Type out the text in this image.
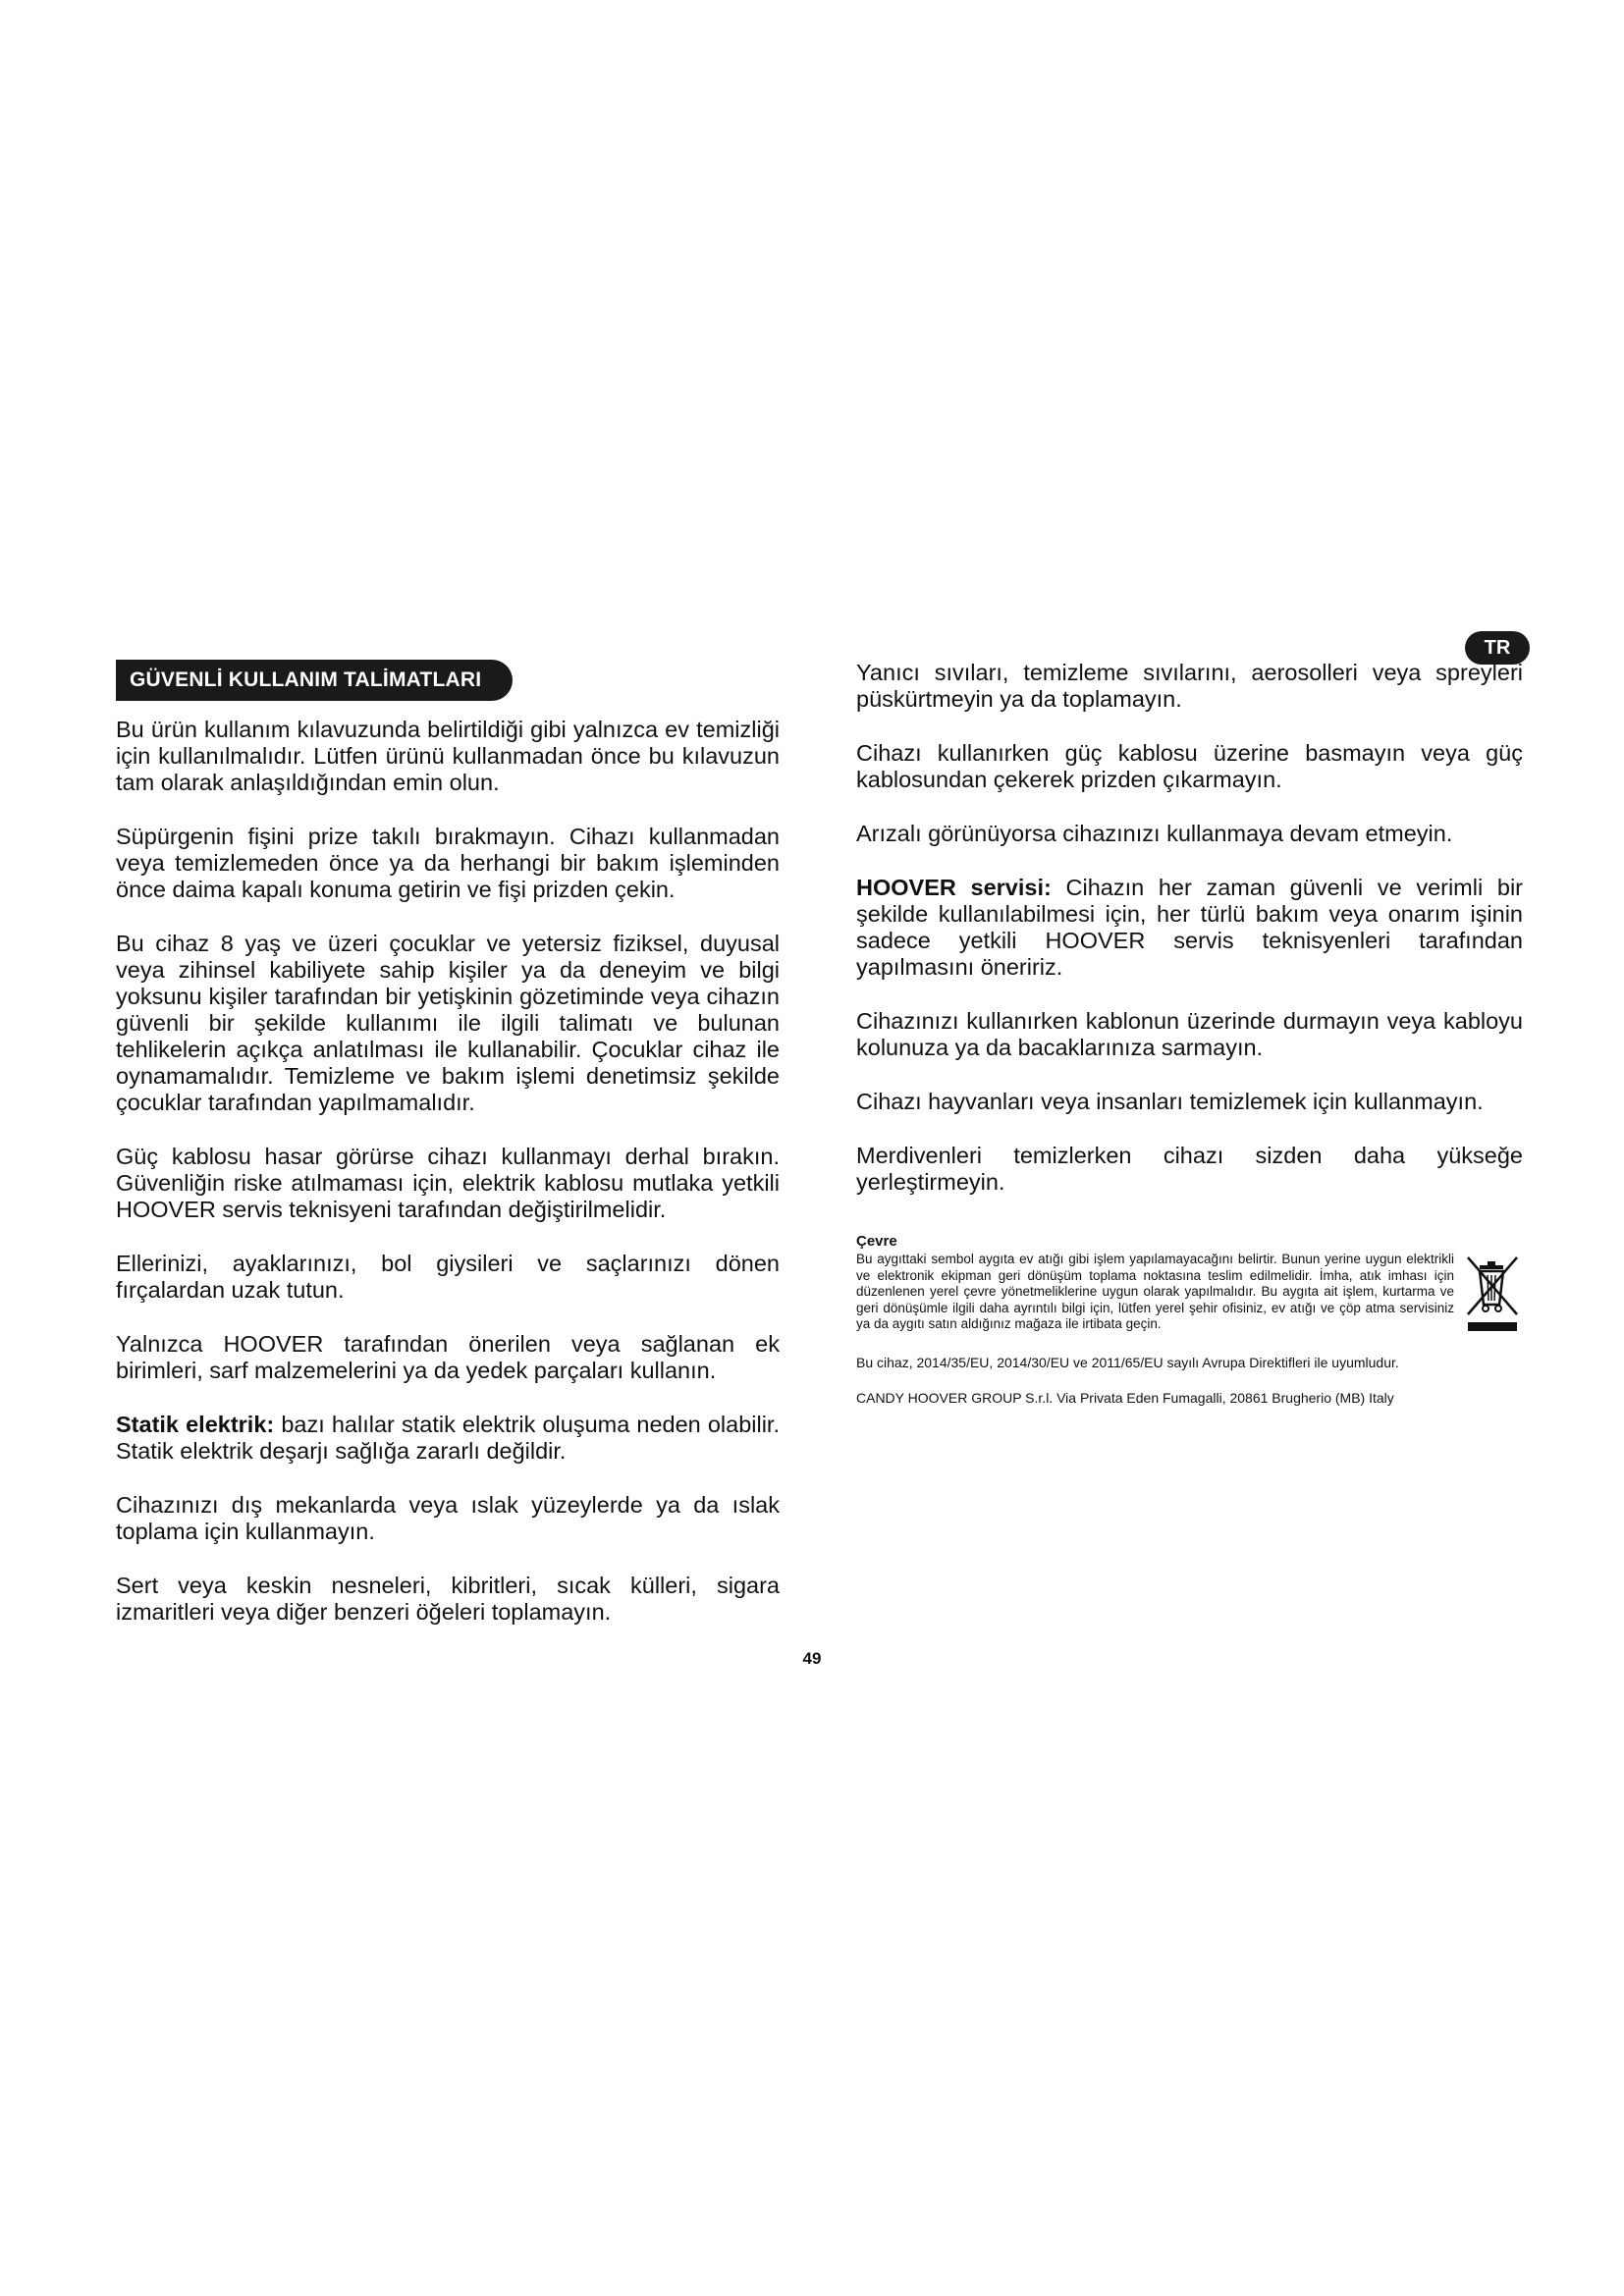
TR
GÜVENLİ KULLANIM TALİMATLARI

Bu ürün kullanım kılavuzunda belirtildiği gibi yalnızca ev temizliği için kullanılmalıdır. Lütfen ürünü kullanmadan önce bu kılavuzun tam olarak anlaşıldığından emin olun.

Süpürgenin fişini prize takılı bırakmayın. Cihazı kullanmadan veya temizlemeden önce ya da herhangi bir bakım işleminden önce daima kapalı konuma getirin ve fişi prizden çekin.

Bu cihaz 8 yaş ve üzeri çocuklar ve yetersiz fiziksel, duyusal veya zihinsel kabiliyete sahip kişiler ya da deneyim ve bilgi yoksunu kişiler tarafından bir yetişkinin gözetiminde veya cihazın güvenli bir şekilde kullanımı ile ilgili talimatı ve bulunan tehlikelerin açıkça anlatılması ile kullanabilir. Çocuklar cihaz ile oynamamalıdır. Temizleme ve bakım işlemi denetimsiz şekilde çocuklar tarafından yapılmamalıdır.

Güç kablosu hasar görürse cihazı kullanmayı derhal bırakın. Güvenliğin riske atılmaması için, elektrik kablosu mutlaka yetkili HOOVER servis teknisyeni tarafından değiştirilmelidir.

Ellerinizi, ayaklarınızı, bol giysileri ve saçlarınızı dönen fırçalardan uzak tutun.

Yalnızca HOOVER tarafından önerilen veya sağlanan ek birimleri, sarf malzemelerini ya da yedek parçaları kullanın.

Statik elektrik: bazı halılar statik elektrik oluşuma neden olabilir. Statik elektrik deşarjı sağlığa zararlı değildir.

Cihazınızı dış mekanlarda veya ıslak yüzeylerde ya da ıslak toplama için kullanmayın.

Sert veya keskin nesneleri, kibritleri, sıcak külleri, sigara izmaritleri veya diğer benzeri öğeleri toplamayın.

Yanıcı sıvıları, temizleme sıvılarını, aerosolleri veya spreyleri püskürtmeyin ya da toplamayın.

Cihazı kullanırken güç kablosu üzerine basmayın veya güç kablosundan çekerek prizden çıkarmayın.

Arızalı görünüyorsa cihazınızı kullanmaya devam etmeyin.

HOOVER servisi: Cihazın her zaman güvenli ve verimli bir şekilde kullanılabilmesi için, her türlü bakım veya onarım işinin sadece yetkili HOOVER servis teknisyenleri tarafından yapılmasını öneririz.

Cihazınızı kullanırken kablonun üzerinde durmayın veya kabloyu kolunuza ya da bacaklarınıza sarmayın.

Cihazı hayvanları veya insanları temizlemek için kullanmayın.

Merdivenleri temizlerken cihazı sizden daha yükseğe yerleştirmeyin.

Çevre

Bu aygıttaki sembol aygıta ev atığı gibi işlem yapılamayacağını belirtir. Bunun yerine uygun elektrikli ve elektronik ekipman geri dönüşüm toplama noktasına teslim edilmelidir. İmha, atık imhası için düzenlenen yerel çevre yönetmeliklerine uygun olarak yapılmalıdır. Bu aygıta ait işlem, kurtarma ve geri dönüşümle ilgili daha ayrıntılı bilgi için, lütfen yerel şehir ofisiniz, ev atığı ve çöp atma servisiniz ya da aygıtı satın aldığınız mağaza ile irtibata geçin.

Bu cihaz, 2014/35/EU, 2014/30/EU ve 2011/65/EU sayılı Avrupa Direktifleri ile uyumludur.

CANDY HOOVER GROUP S.r.l. Via Privata Eden Fumagalli, 20861 Brugherio (MB) Italy

49
